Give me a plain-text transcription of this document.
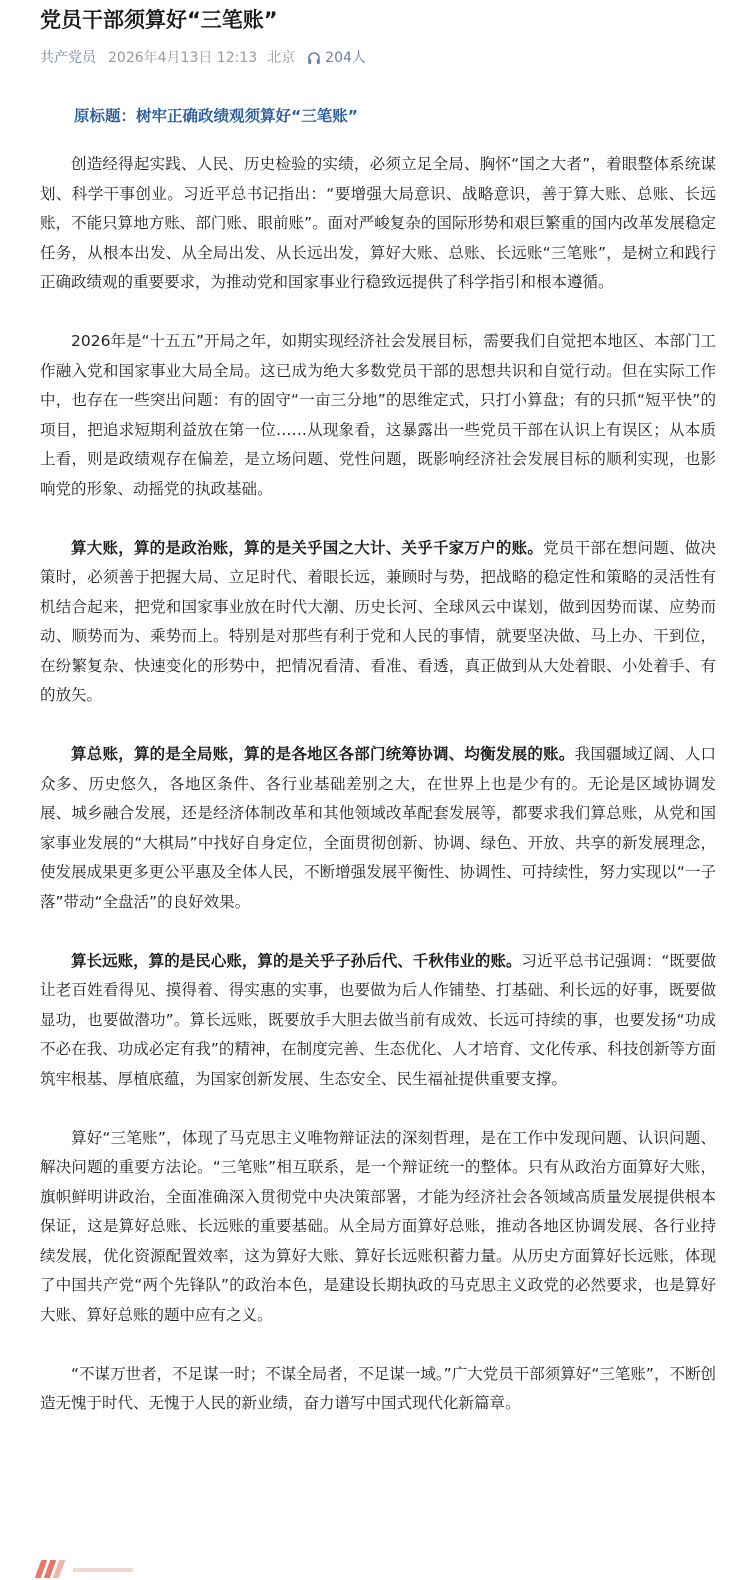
党员干部须算好“三笔账”
共产党员 2026年4月13日 12:13 北京 204人
原标题：树牢正确政绩观须算好“三笔账”

创造经得起实践、人民、历史检验的实绩，必须立足全局、胸怀“国之大者”，着眼整体系统谋划、科学干事创业。习近平总书记指出：“要增强大局意识、战略意识，善于算大账、总账、长远账，不能只算地方账、部门账、眼前账”。面对严峻复杂的国际形势和艰巨繁重的国内改革发展稳定任务，从根本出发、从全局出发、从长远出发，算好大账、总账、长远账“三笔账”，是树立和践行正确政绩观的重要要求，为推动党和国家事业行稳致远提供了科学指引和根本遵循。

2026年是“十五五”开局之年，如期实现经济社会发展目标，需要我们自觉把本地区、本部门工作融入党和国家事业大局全局。这已成为绝大多数党员干部的思想共识和自觉行动。但在实际工作中，也存在一些突出问题：有的固守“一亩三分地”的思维定式，只打小算盘；有的只抓“短平快”的项目，把追求短期利益放在第一位……从现象看，这暴露出一些党员干部在认识上有误区；从本质上看，则是政绩观存在偏差，是立场问题、党性问题，既影响经济社会发展目标的顺利实现，也影响党的形象、动摇党的执政基础。

算大账，算的是政治账，算的是关乎国之大计、关乎千家万户的账。党员干部在想问题、做决策时，必须善于把握大局、立足时代、着眼长远，兼顾时与势，把战略的稳定性和策略的灵活性有机结合起来，把党和国家事业放在时代大潮、历史长河、全球风云中谋划，做到因势而谋、应势而动、顺势而为、乘势而上。特别是对那些有利于党和人民的事情，就要坚决做、马上办、干到位，在纷繁复杂、快速变化的形势中，把情况看清、看准、看透，真正做到从大处着眼、小处着手、有的放矢。

算总账，算的是全局账，算的是各地区各部门统筹协调、均衡发展的账。我国疆域辽阔、人口众多、历史悠久，各地区条件、各行业基础差别之大，在世界上也是少有的。无论是区域协调发展、城乡融合发展，还是经济体制改革和其他领域改革配套发展等，都要求我们算总账，从党和国家事业发展的“大棋局”中找好自身定位，全面贯彻创新、协调、绿色、开放、共享的新发展理念，使发展成果更多更公平惠及全体人民，不断增强发展平衡性、协调性、可持续性，努力实现以“一子落”带动“全盘活”的良好效果。

算长远账，算的是民心账，算的是关乎子孙后代、千秋伟业的账。习近平总书记强调：“既要做让老百姓看得见、摸得着、得实惠的实事，也要做为后人作铺垫、打基础、利长远的好事，既要做显功，也要做潜功”。算长远账，既要放手大胆去做当前有成效、长远可持续的事，也要发扬“功成不必在我、功成必定有我”的精神，在制度完善、生态优化、人才培育、文化传承、科技创新等方面筑牢根基、厚植底蕴，为国家创新发展、生态安全、民生福祉提供重要支撑。

算好“三笔账”，体现了马克思主义唯物辩证法的深刻哲理，是在工作中发现问题、认识问题、解决问题的重要方法论。“三笔账”相互联系，是一个辩证统一的整体。只有从政治方面算好大账，旗帜鲜明讲政治，全面准确深入贯彻党中央决策部署，才能为经济社会各领域高质量发展提供根本保证，这是算好总账、长远账的重要基础。从全局方面算好总账，推动各地区协调发展、各行业持续发展，优化资源配置效率，这为算好大账、算好长远账积蓄力量。从历史方面算好长远账，体现了中国共产党“两个先锋队”的政治本色，是建设长期执政的马克思主义政党的必然要求，也是算好大账、算好总账的题中应有之义。

“不谋万世者，不足谋一时；不谋全局者，不足谋一域。”广大党员干部须算好“三笔账”，不断创造无愧于时代、无愧于人民的新业绩，奋力谱写中国式现代化新篇章。
